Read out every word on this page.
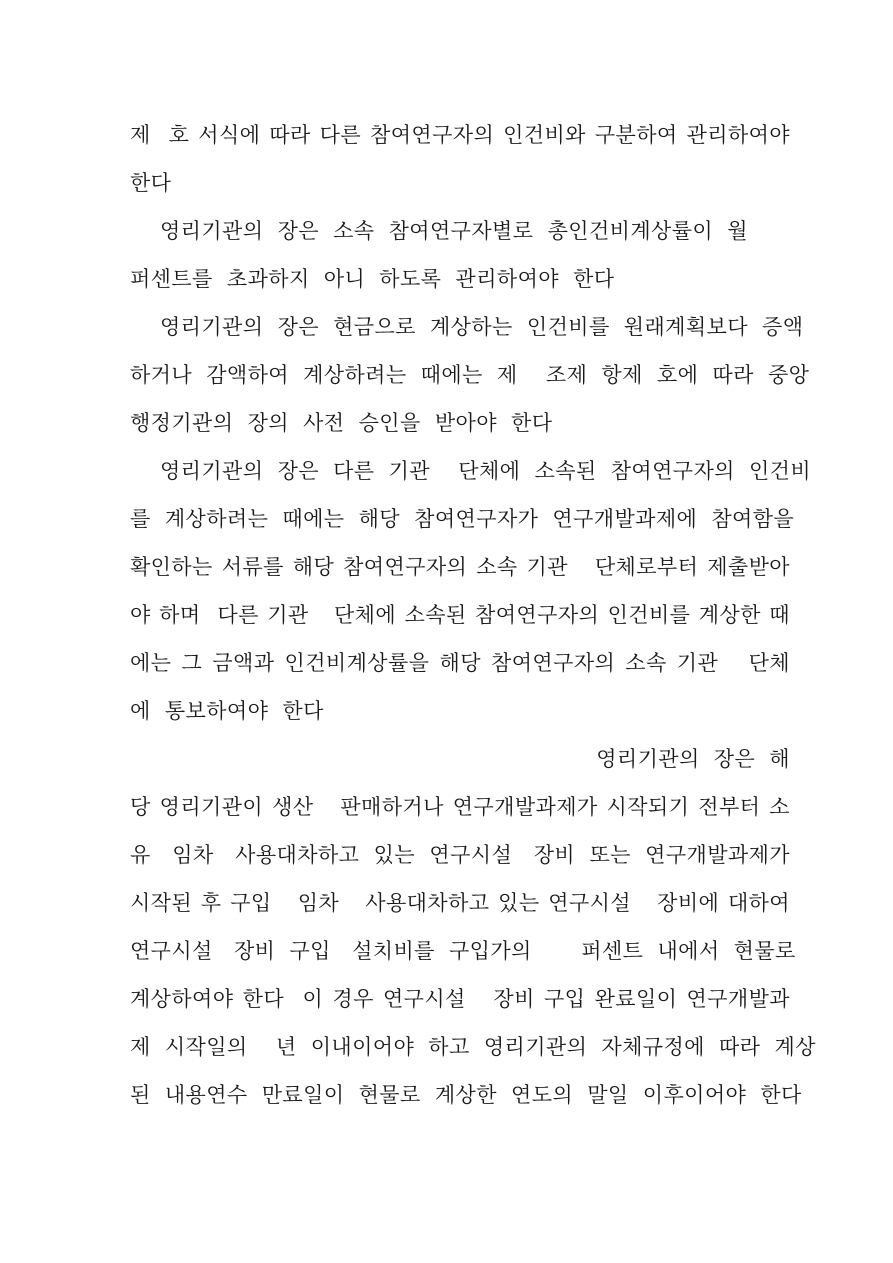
제  호 서식에 따라 다른 참여연구자의 인건비와 구분하여 관리하여야
한다
영리기관의  장은  소속  참여연구자별로  총인건비계상률이  월
퍼센트를  초과하지  아니  하도록  관리하여야  한다
영리기관의  장은  현금으로  계상하는  인건비를  원래계획보다  증액
하거나  감액하여  계상하려는  때에는  제    조제  항제  호에  따라  중앙
행정기관의  장의  사전  승인을  받아야  한다
영리기관의  장은  다른  기관    단체에  소속된  참여연구자의  인건비
를  계상하려는  때에는  해당  참여연구자가  연구개발과제에  참여함을
확인하는 서류를 해당 참여연구자의 소속 기관   단체로부터 제출받아
야 하며  다른 기관   단체에 소속된 참여연구자의 인건비를 계상한 때
에는 그 금액과 인건비계상률을 해당 참여연구자의 소속 기관   단체
에  통보하여야  한다
영리기관의  장은  해
당 영리기관이 생산   판매하거나 연구개발과제가 시작되기 전부터 소
유   임차   사용대차하고  있는  연구시설   장비  또는  연구개발과제가
시작된 후 구입   임차   사용대차하고 있는 연구시설   장비에 대하여
연구시설   장비  구입   설치비를  구입가의       퍼센트  내에서  현물로
계상하여야 한다  이 경우 연구시설   장비 구입 완료일이 연구개발과
제  시작일의    년  이내이어야  하고  영리기관의  자체규정에  따라  계상
된  내용연수  만료일이  현물로  계상한  연도의  말일  이후이어야  한다
